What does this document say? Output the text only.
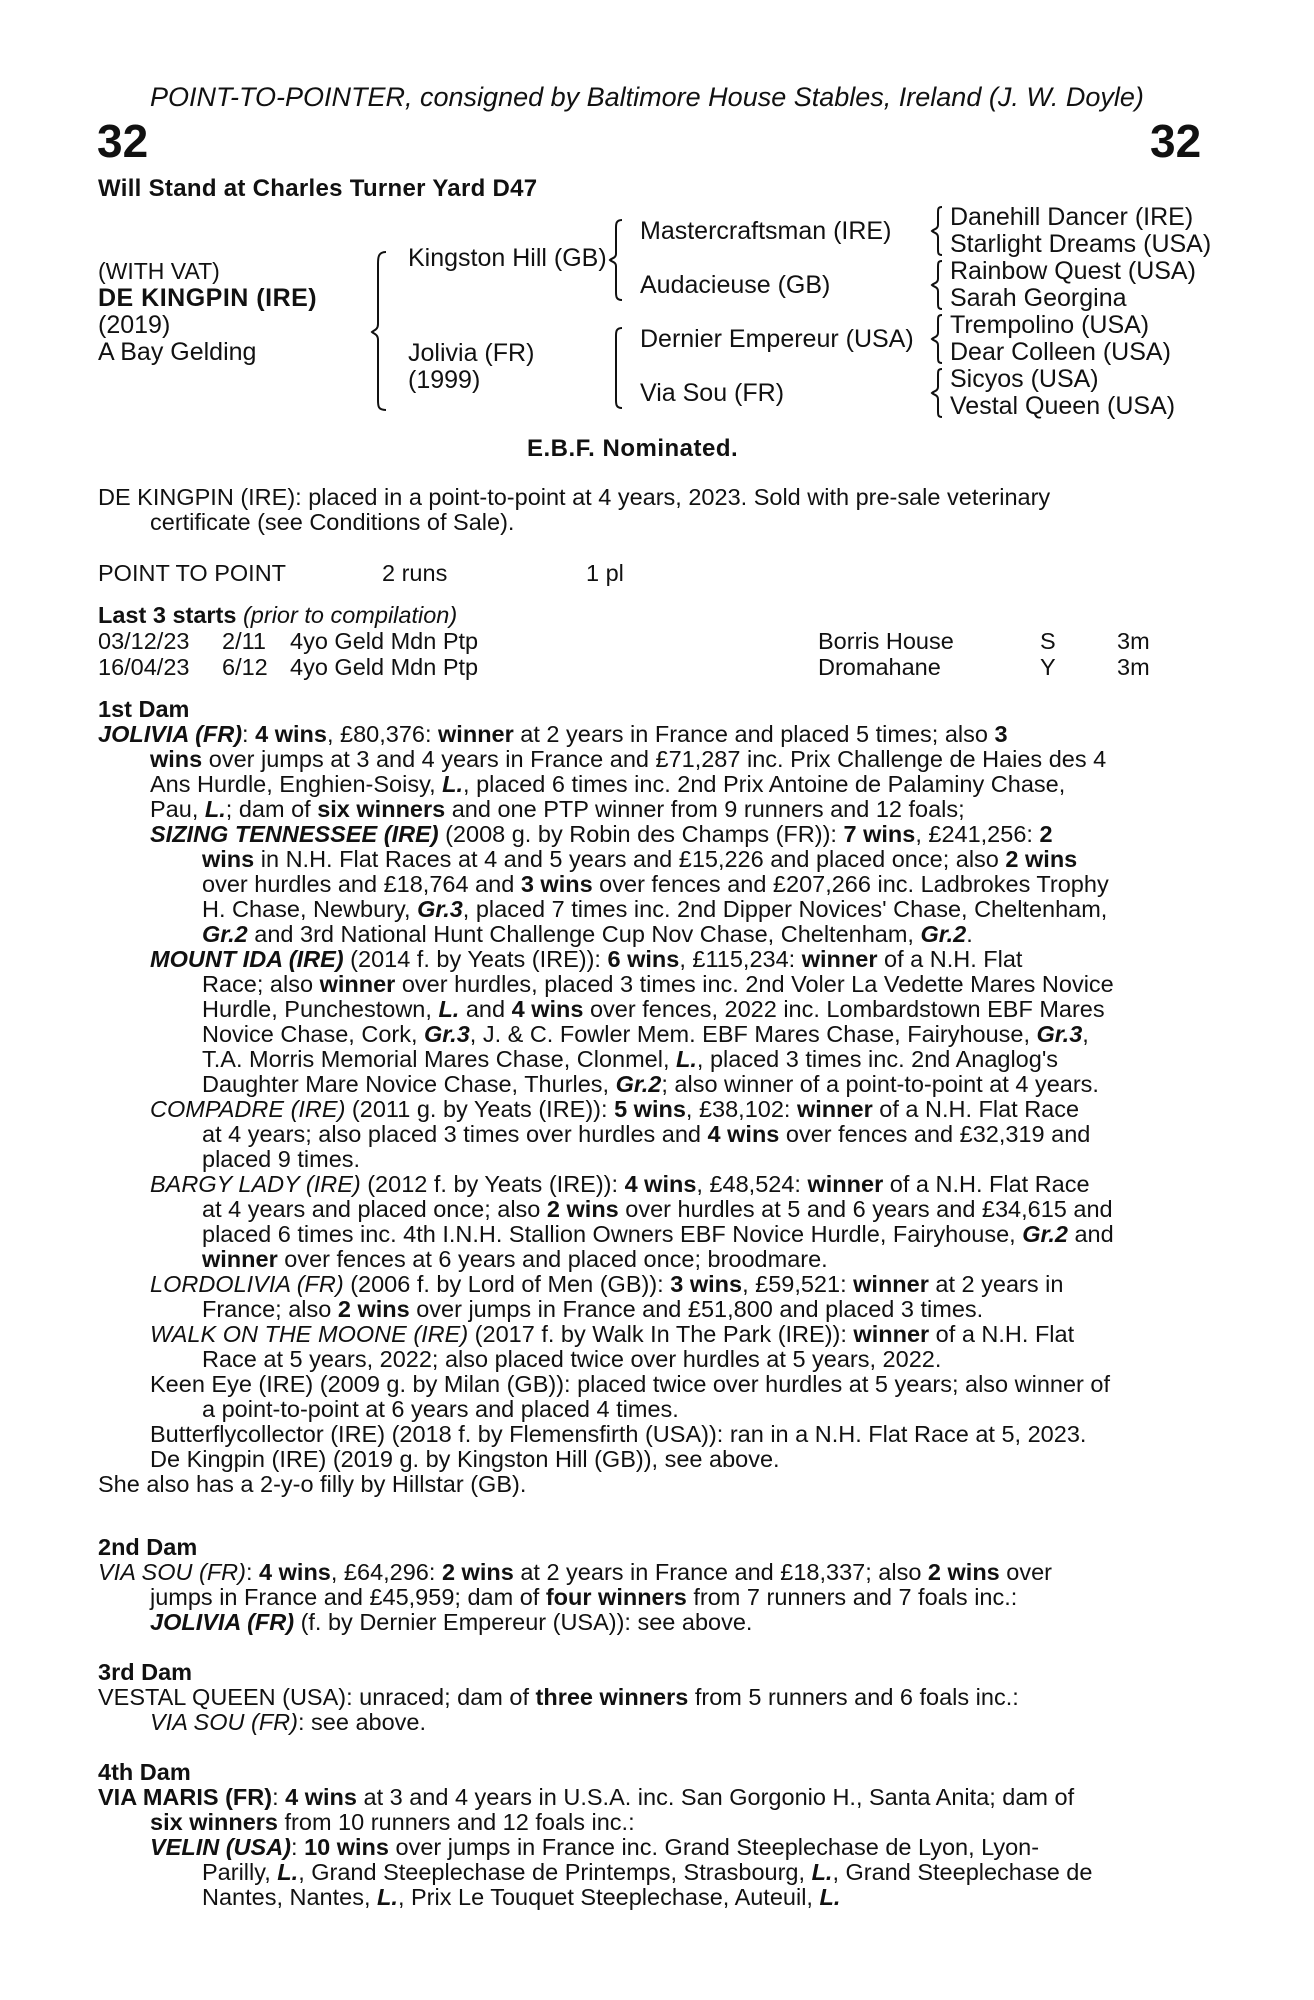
POINT-TO-POINTER, consigned by Baltimore House Stables, Ireland (J. W. Doyle)
32	32
Will Stand at Charles Turner Yard D47
(WITH VAT)
DE KINGPIN (IRE)
(2019)
A Bay Gelding
Kingston Hill (GB)
Jolivia (FR)
(1999)
Mastercraftsman (IRE)
Audacieuse (GB)
Dernier Empereur (USA)
Via Sou (FR)
Danehill Dancer (IRE)
Starlight Dreams (USA)
Rainbow Quest (USA)
Sarah Georgina
Trempolino (USA)
Dear Colleen (USA)
Sicyos (USA)
Vestal Queen (USA)
E.B.F. Nominated.
DE KINGPIN (IRE): placed in a point-to-point at 4 years, 2023. Sold with pre-sale veterinary
certificate (see Conditions of Sale).
POINT TO POINT	2 runs	1 pl
Last 3 starts (prior to compilation)
03/12/23 2/11 4yo Geld Mdn Ptp	Borris House	S	3m
16/04/23 6/12 4yo Geld Mdn Ptp	Dromahane	Y	3m
1st Dam
JOLIVIA (FR): 4 wins, £80,376: winner at 2 years in France and placed 5 times; also 3
wins over jumps at 3 and 4 years in France and £71,287 inc. Prix Challenge de Haies des 4
Ans Hurdle, Enghien-Soisy, L., placed 6 times inc. 2nd Prix Antoine de Palaminy Chase,
Pau, L.; dam of six winners and one PTP winner from 9 runners and 12 foals;
SIZING TENNESSEE (IRE) (2008 g. by Robin des Champs (FR)): 7 wins, £241,256: 2
wins in N.H. Flat Races at 4 and 5 years and £15,226 and placed once; also 2 wins
over hurdles and £18,764 and 3 wins over fences and £207,266 inc. Ladbrokes Trophy
H. Chase, Newbury, Gr.3, placed 7 times inc. 2nd Dipper Novices' Chase, Cheltenham,
Gr.2 and 3rd National Hunt Challenge Cup Nov Chase, Cheltenham, Gr.2.
MOUNT IDA (IRE) (2014 f. by Yeats (IRE)): 6 wins, £115,234: winner of a N.H. Flat
Race; also winner over hurdles, placed 3 times inc. 2nd Voler La Vedette Mares Novice
Hurdle, Punchestown, L. and 4 wins over fences, 2022 inc. Lombardstown EBF Mares
Novice Chase, Cork, Gr.3, J. & C. Fowler Mem. EBF Mares Chase, Fairyhouse, Gr.3,
T.A. Morris Memorial Mares Chase, Clonmel, L., placed 3 times inc. 2nd Anaglog's
Daughter Mare Novice Chase, Thurles, Gr.2; also winner of a point-to-point at 4 years.
COMPADRE (IRE) (2011 g. by Yeats (IRE)): 5 wins, £38,102: winner of a N.H. Flat Race
at 4 years; also placed 3 times over hurdles and 4 wins over fences and £32,319 and
placed 9 times.
BARGY LADY (IRE) (2012 f. by Yeats (IRE)): 4 wins, £48,524: winner of a N.H. Flat Race
at 4 years and placed once; also 2 wins over hurdles at 5 and 6 years and £34,615 and
placed 6 times inc. 4th I.N.H. Stallion Owners EBF Novice Hurdle, Fairyhouse, Gr.2 and
winner over fences at 6 years and placed once; broodmare.
LORDOLIVIA (FR) (2006 f. by Lord of Men (GB)): 3 wins, £59,521: winner at 2 years in
France; also 2 wins over jumps in France and £51,800 and placed 3 times.
WALK ON THE MOONE (IRE) (2017 f. by Walk In The Park (IRE)): winner of a N.H. Flat
Race at 5 years, 2022; also placed twice over hurdles at 5 years, 2022.
Keen Eye (IRE) (2009 g. by Milan (GB)): placed twice over hurdles at 5 years; also winner of
a point-to-point at 6 years and placed 4 times.
Butterflycollector (IRE) (2018 f. by Flemensfirth (USA)): ran in a N.H. Flat Race at 5, 2023.
De Kingpin (IRE) (2019 g. by Kingston Hill (GB)), see above.
She also has a 2-y-o filly by Hillstar (GB).
2nd Dam
VIA SOU (FR): 4 wins, £64,296: 2 wins at 2 years in France and £18,337; also 2 wins over
jumps in France and £45,959; dam of four winners from 7 runners and 7 foals inc.:
JOLIVIA (FR) (f. by Dernier Empereur (USA)): see above.
3rd Dam
VESTAL QUEEN (USA): unraced; dam of three winners from 5 runners and 6 foals inc.:
VIA SOU (FR): see above.
4th Dam
VIA MARIS (FR): 4 wins at 3 and 4 years in U.S.A. inc. San Gorgonio H., Santa Anita; dam of
six winners from 10 runners and 12 foals inc.:
VELIN (USA): 10 wins over jumps in France inc. Grand Steeplechase de Lyon, Lyon-
Parilly, L., Grand Steeplechase de Printemps, Strasbourg, L., Grand Steeplechase de
Nantes, Nantes, L., Prix Le Touquet Steeplechase, Auteuil, L.
